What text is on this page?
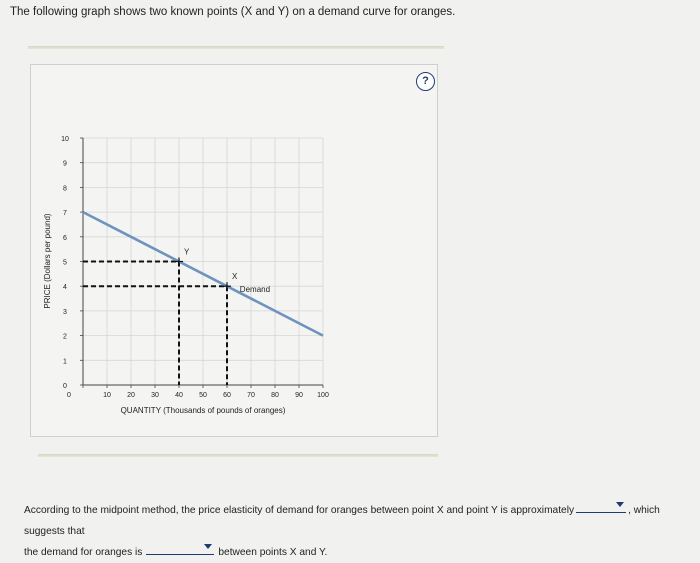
The following graph shows two known points (X and Y) on a demand curve for oranges.
?
0
1
2
3
4
5
6
7
8
9
10
0	10 20 30 40 50 60 70 80 90 100
Demand
Y
X
PRICE (Dollars per pound)
QUANTITY (Thousands of pounds of oranges)
According to the midpoint method, the price elasticity of demand for oranges between point X and point Y is approximately	, which suggests that
the demand for oranges is	between points X and Y.
